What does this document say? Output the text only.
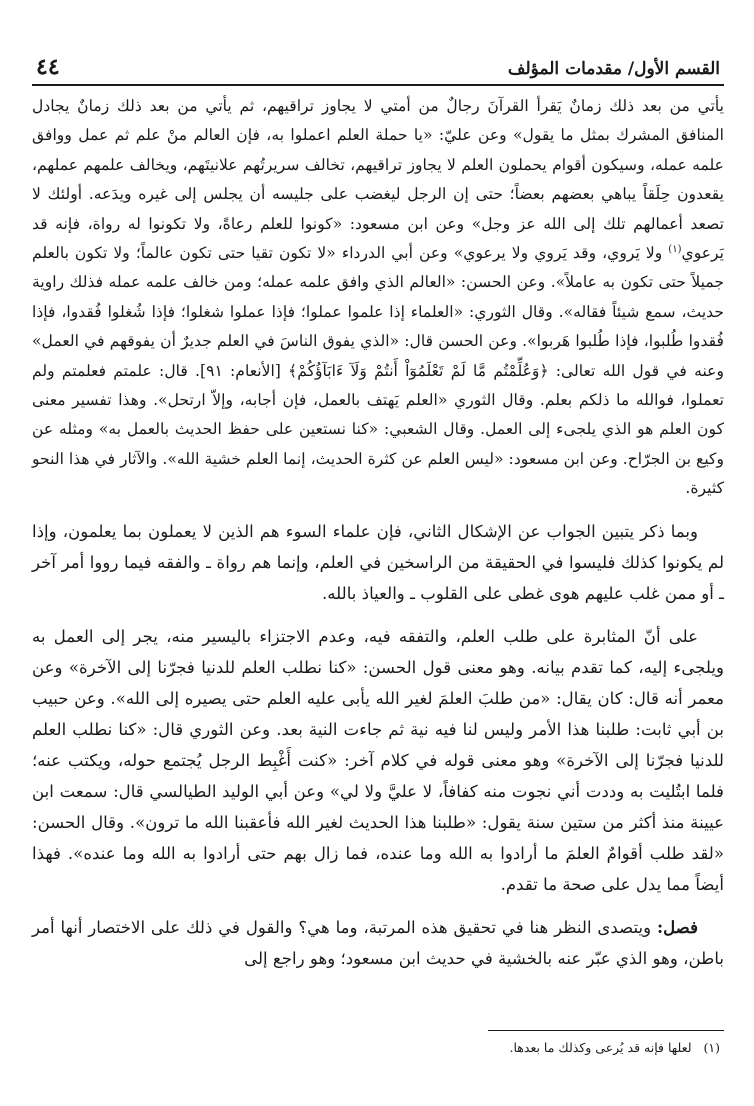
القسم الأول/ مقدمات المؤلف
٤٤

يأتي من بعد ذلك زمانٌ يَقرأ القرآنَ رجالٌ من أمتي لا يجاوز تراقيهم، ثم يأتي من بعد ذلك زمانٌ يجادل المنافق المشرك بمثل ما يقول» وعن عليّ: «يا حملة العلم اعملوا به، فإن العالم منْ علم ثم عمل ووافق علمه عمله، وسيكون أقوام يحملون العلم لا يجاوز تراقيهم، تخالف سريرتُهم علانيتَهم، ويخالف علمهم عملهم، يقعدون حِلَقاً يباهي بعضهم بعضاً؛ حتى إن الرجل ليغضب على جليسه أن يجلس إلى غيره ويدَعه. أولئك لا تصعد أعمالهم تلك إلى الله عز وجل» وعن ابن مسعود: «كونوا للعلم رعاةً، ولا تكونوا له رواة، فإنه قد يَرعوي$^{(١)}$ ولا يَروي، وقد يَروي ولا يرعوي» وعن أبي الدرداء «لا تكون تقيا حتى تكون عالماً؛ ولا تكون بالعلم جميلاً حتى تكون به عاملاً». وعن الحسن: «العالم الذي وافق علمه عمله؛ ومن خالف علمه عمله فذلك راوية حديث، سمع شيئاً فقاله». وقال الثوري: «العلماء إذا علموا عملوا؛ فإذا عملوا شغلوا؛ فإذا شُغلوا فُقدوا، فإذا فُقدوا طُلبوا، فإذا طُلبوا هَربوا». وعن الحسن قال: «الذي يفوق الناسَ في العلم جديرٌ أن يفوقهم في العمل» وعنه في قول الله تعالى: ﴿وَعُلِّمْتُم مَّا لَمْ تَعْلَمُوٓاْ أَنتُمْ وَلَآ ءَابَآؤُكُمْ﴾ [الأنعام: ٩١]. قال: علمتم فعلمتم ولم تعملوا، فوالله ما ذلكم بعلم. وقال الثوري «العلم يَهتف بالعمل، فإن أجابه، وإلاّ ارتحل». وهذا تفسير معنى كون العلم هو الذي يلجىء إلى العمل. وقال الشعبي: «كنا نستعين على حفظ الحديث بالعمل به» ومثله عن وكيع بن الجرّاح. وعن ابن مسعود: «ليس العلم عن كثرة الحديث، إنما العلم خشية الله». والآثار في هذا النحو كثيرة.

وبما ذكر يتبين الجواب عن الإشكال الثاني، فإن علماء السوء هم الذين لا يعملون بما يعلمون، وإذا لم يكونوا كذلك فليسوا في الحقيقة من الراسخين في العلم، وإنما هم رواة ـ والفقه فيما رووا أمر آخر ـ أو ممن غلب عليهم هوى غطى على القلوب ـ والعياذ بالله.

على أنّ المثابرة على طلب العلم، والتفقه فيه، وعدم الاجتزاء باليسير منه، يجر إلى العمل به ويلجىء إليه، كما تقدم بيانه. وهو معنى قول الحسن: «كنا نطلب العلم للدنيا فجرّنا إلى الآخرة» وعن معمر أنه قال: كان يقال: «من طلبَ العلمَ لغير الله يأبى عليه العلم حتى يصيره إلى الله». وعن حبيب بن أبي ثابت: طلبنا هذا الأمر وليس لنا فيه نية ثم جاءت النية بعد. وعن الثوري قال: «كنا نطلب العلم للدنيا فجرّنا إلى الآخرة» وهو معنى قوله في كلام آخر: «كنت أَغْبِط الرجل يُجتمع حوله، ويكتب عنه؛ فلما ابتُليت به وددت أني نجوت منه كفافاً، لا عليَّ ولا لي» وعن أبي الوليد الطيالسي قال: سمعت ابن عيينة منذ أكثر من ستين سنة يقول: «طلبنا هذا الحديث لغير الله فأعقبنا الله ما ترون». وقال الحسن: «لقد طلب أقوامٌ العلمَ ما أرادوا به الله وما عنده، فما زال بهم حتى أرادوا به الله وما عنده». فهذا أيضاً مما يدل على صحة ما تقدم.

فصل: ويتصدى النظر هنا في تحقيق هذه المرتبة، وما هي؟ والقول في ذلك على الاختصار أنها أمر باطن، وهو الذي عبّر عنه بالخشية في حديث ابن مسعود؛ وهو راجع إلى

(١)لعلها فإنه قد يُرعى وكذلك ما بعدها.
